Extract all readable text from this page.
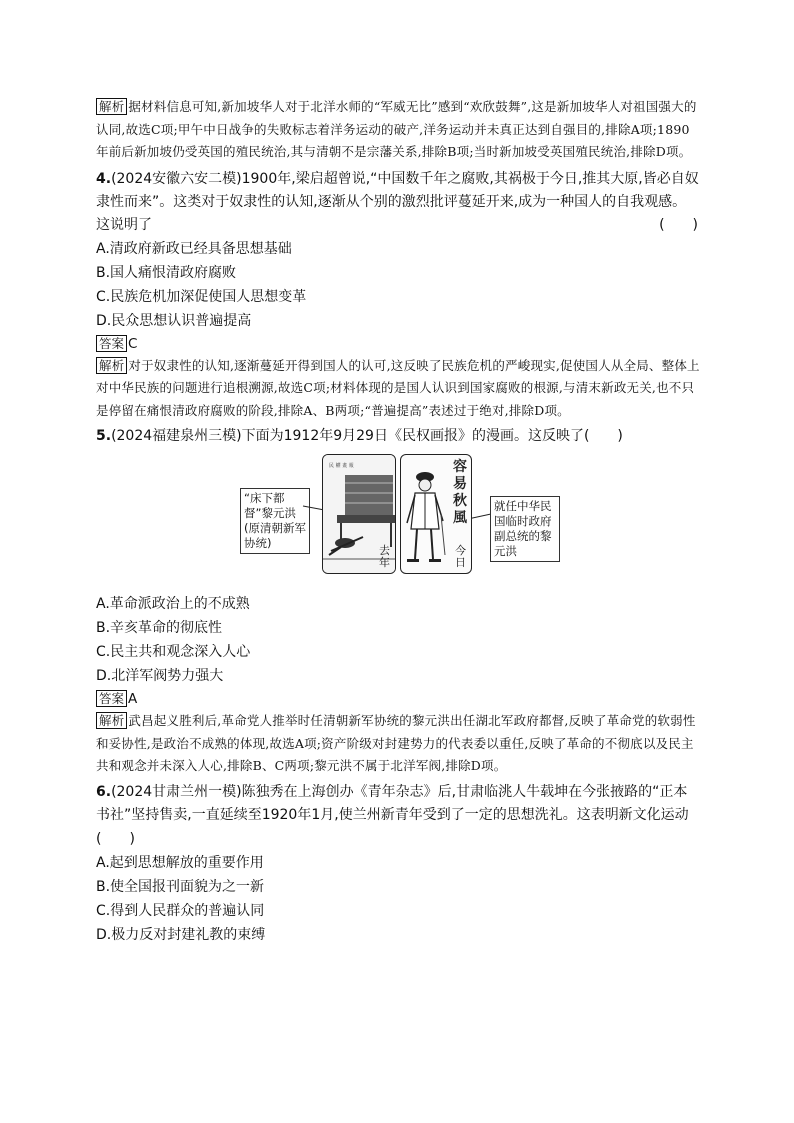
解析 据材料信息可知,新加坡华人对于北洋水师的“军威无比”感到“欢欣鼓舞”,这是新加坡华人对祖国强大的认同,故选C项;甲午中日战争的失败标志着洋务运动的破产,洋务运动并未真正达到自强目的,排除A项;1890年前后新加坡仍受英国的殖民统治,其与清朝不是宗藩关系,排除B项;当时新加坡受英国殖民统治,排除D项。

4.(2024安徽六安二模)1900年,梁启超曾说,“中国数千年之腐败,其祸极于今日,推其大原,皆必自奴隶性而来”。这类对于奴隶性的认知,逐渐从个别的激烈批评蔓延开来,成为一种国人的自我观感。这说明了	(　　)

A.清政府新政已经具备思想基础
B.国人痛恨清政府腐败
C.民族危机加深促使国人思想变革
D.民众思想认识普遍提高
答案 C

解析 对于奴隶性的认知,逐渐蔓延开得到国人的认可,这反映了民族危机的严峻现实,促使国人从全局、整体上对中华民族的问题进行追根溯源,故选C项;材料体现的是国人认识到国家腐败的根源,与清末新政无关,也不只是停留在痛恨清政府腐败的阶段,排除A、B两项;“普遍提高”表述过于绝对,排除D项。

5.(2024福建泉州三模)下面为1912年9月29日《民权画报》的漫画。这反映了(　　)

“床下都督”黎元洪(原清朝新军协统)
民 權 畫 報
去年
容易秋風
今日
就任中华民国临时政府副总统的黎元洪
A.革命派政治上的不成熟
B.辛亥革命的彻底性
C.民主共和观念深入人心
D.北洋军阀势力强大
答案 A

解析 武昌起义胜利后,革命党人推举时任清朝新军协统的黎元洪出任湖北军政府都督,反映了革命党的软弱性和妥协性,是政治不成熟的体现,故选A项;资产阶级对封建势力的代表委以重任,反映了革命的不彻底以及民主共和观念并未深入人心,排除B、C两项;黎元洪不属于北洋军阀,排除D项。

6.(2024甘肃兰州一模)陈独秀在上海创办《青年杂志》后,甘肃临洮人牛载坤在今张掖路的“正本书社”坚持售卖,一直延续至1920年1月,使兰州新青年受到了一定的思想洗礼。这表明新文化运动

(　　)
A.起到思想解放的重要作用
B.使全国报刊面貌为之一新
C.得到人民群众的普遍认同
D.极力反对封建礼教的束缚
